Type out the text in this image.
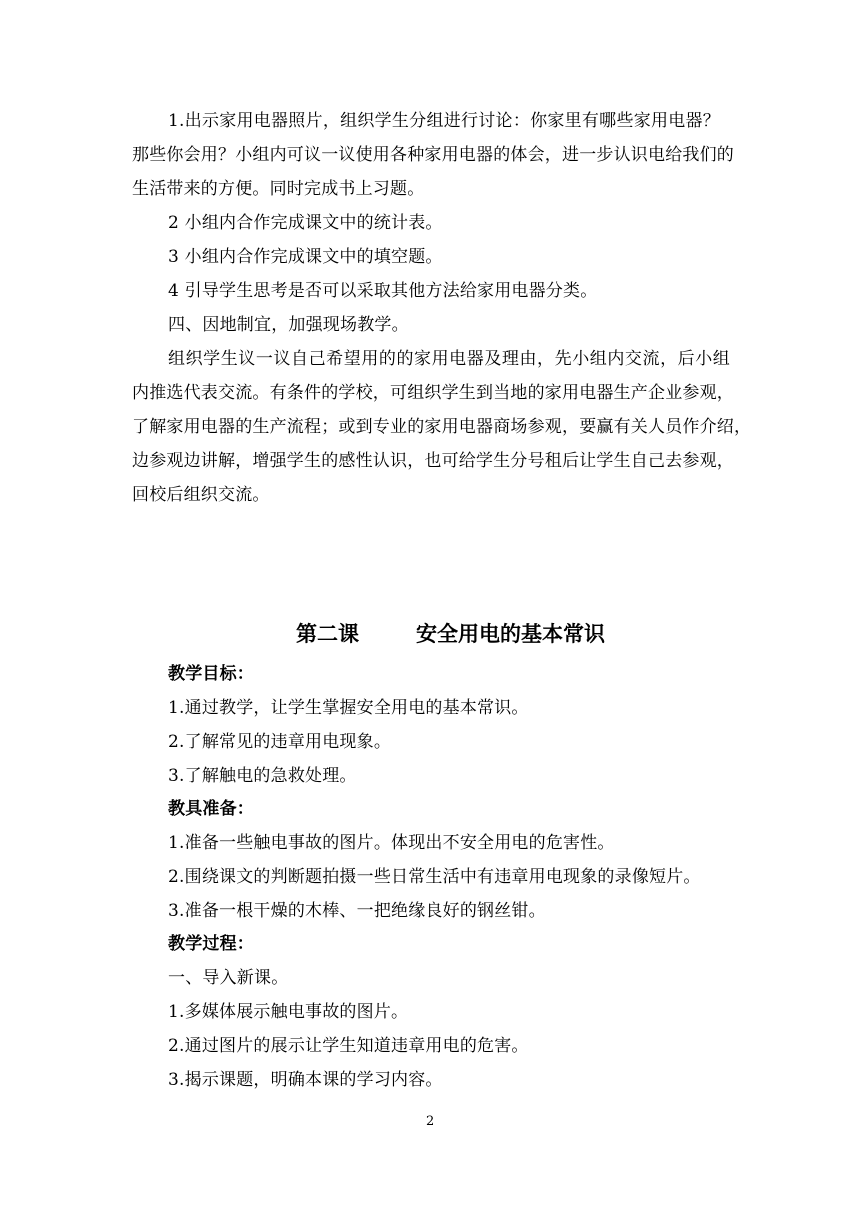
1.出示家用电器照片，组织学生分组进行讨论：你家里有哪些家用电器？
那些你会用？小组内可议一议使用各种家用电器的体会，进一步认识电给我们的
生活带来的方便。同时完成书上习题。
2 小组内合作完成课文中的统计表。
3 小组内合作完成课文中的填空题。
4 引导学生思考是否可以采取其他方法给家用电器分类。
四、因地制宜，加强现场教学。
组织学生议一议自己希望用的的家用电器及理由，先小组内交流，后小组
内推选代表交流。有条件的学校，可组织学生到当地的家用电器生产企业参观，
了解家用电器的生产流程；或到专业的家用电器商场参观，要赢有关人员作介绍，
边参观边讲解，增强学生的感性认识，也可给学生分号租后让学生自己去参观，
回校后组织交流。
第二课	安全用电的基本常识
教学目标：
1.通过教学，让学生掌握安全用电的基本常识。
2.了解常见的违章用电现象。
3.了解触电的急救处理。
教具准备：
1.准备一些触电事故的图片。体现出不安全用电的危害性。
2.围绕课文的判断题拍摄一些日常生活中有违章用电现象的录像短片。
3.准备一根干燥的木棒、一把绝缘良好的钢丝钳。
教学过程：
一、导入新课。
1.多媒体展示触电事故的图片。
2.通过图片的展示让学生知道违章用电的危害。
3.揭示课题，明确本课的学习内容。
2
